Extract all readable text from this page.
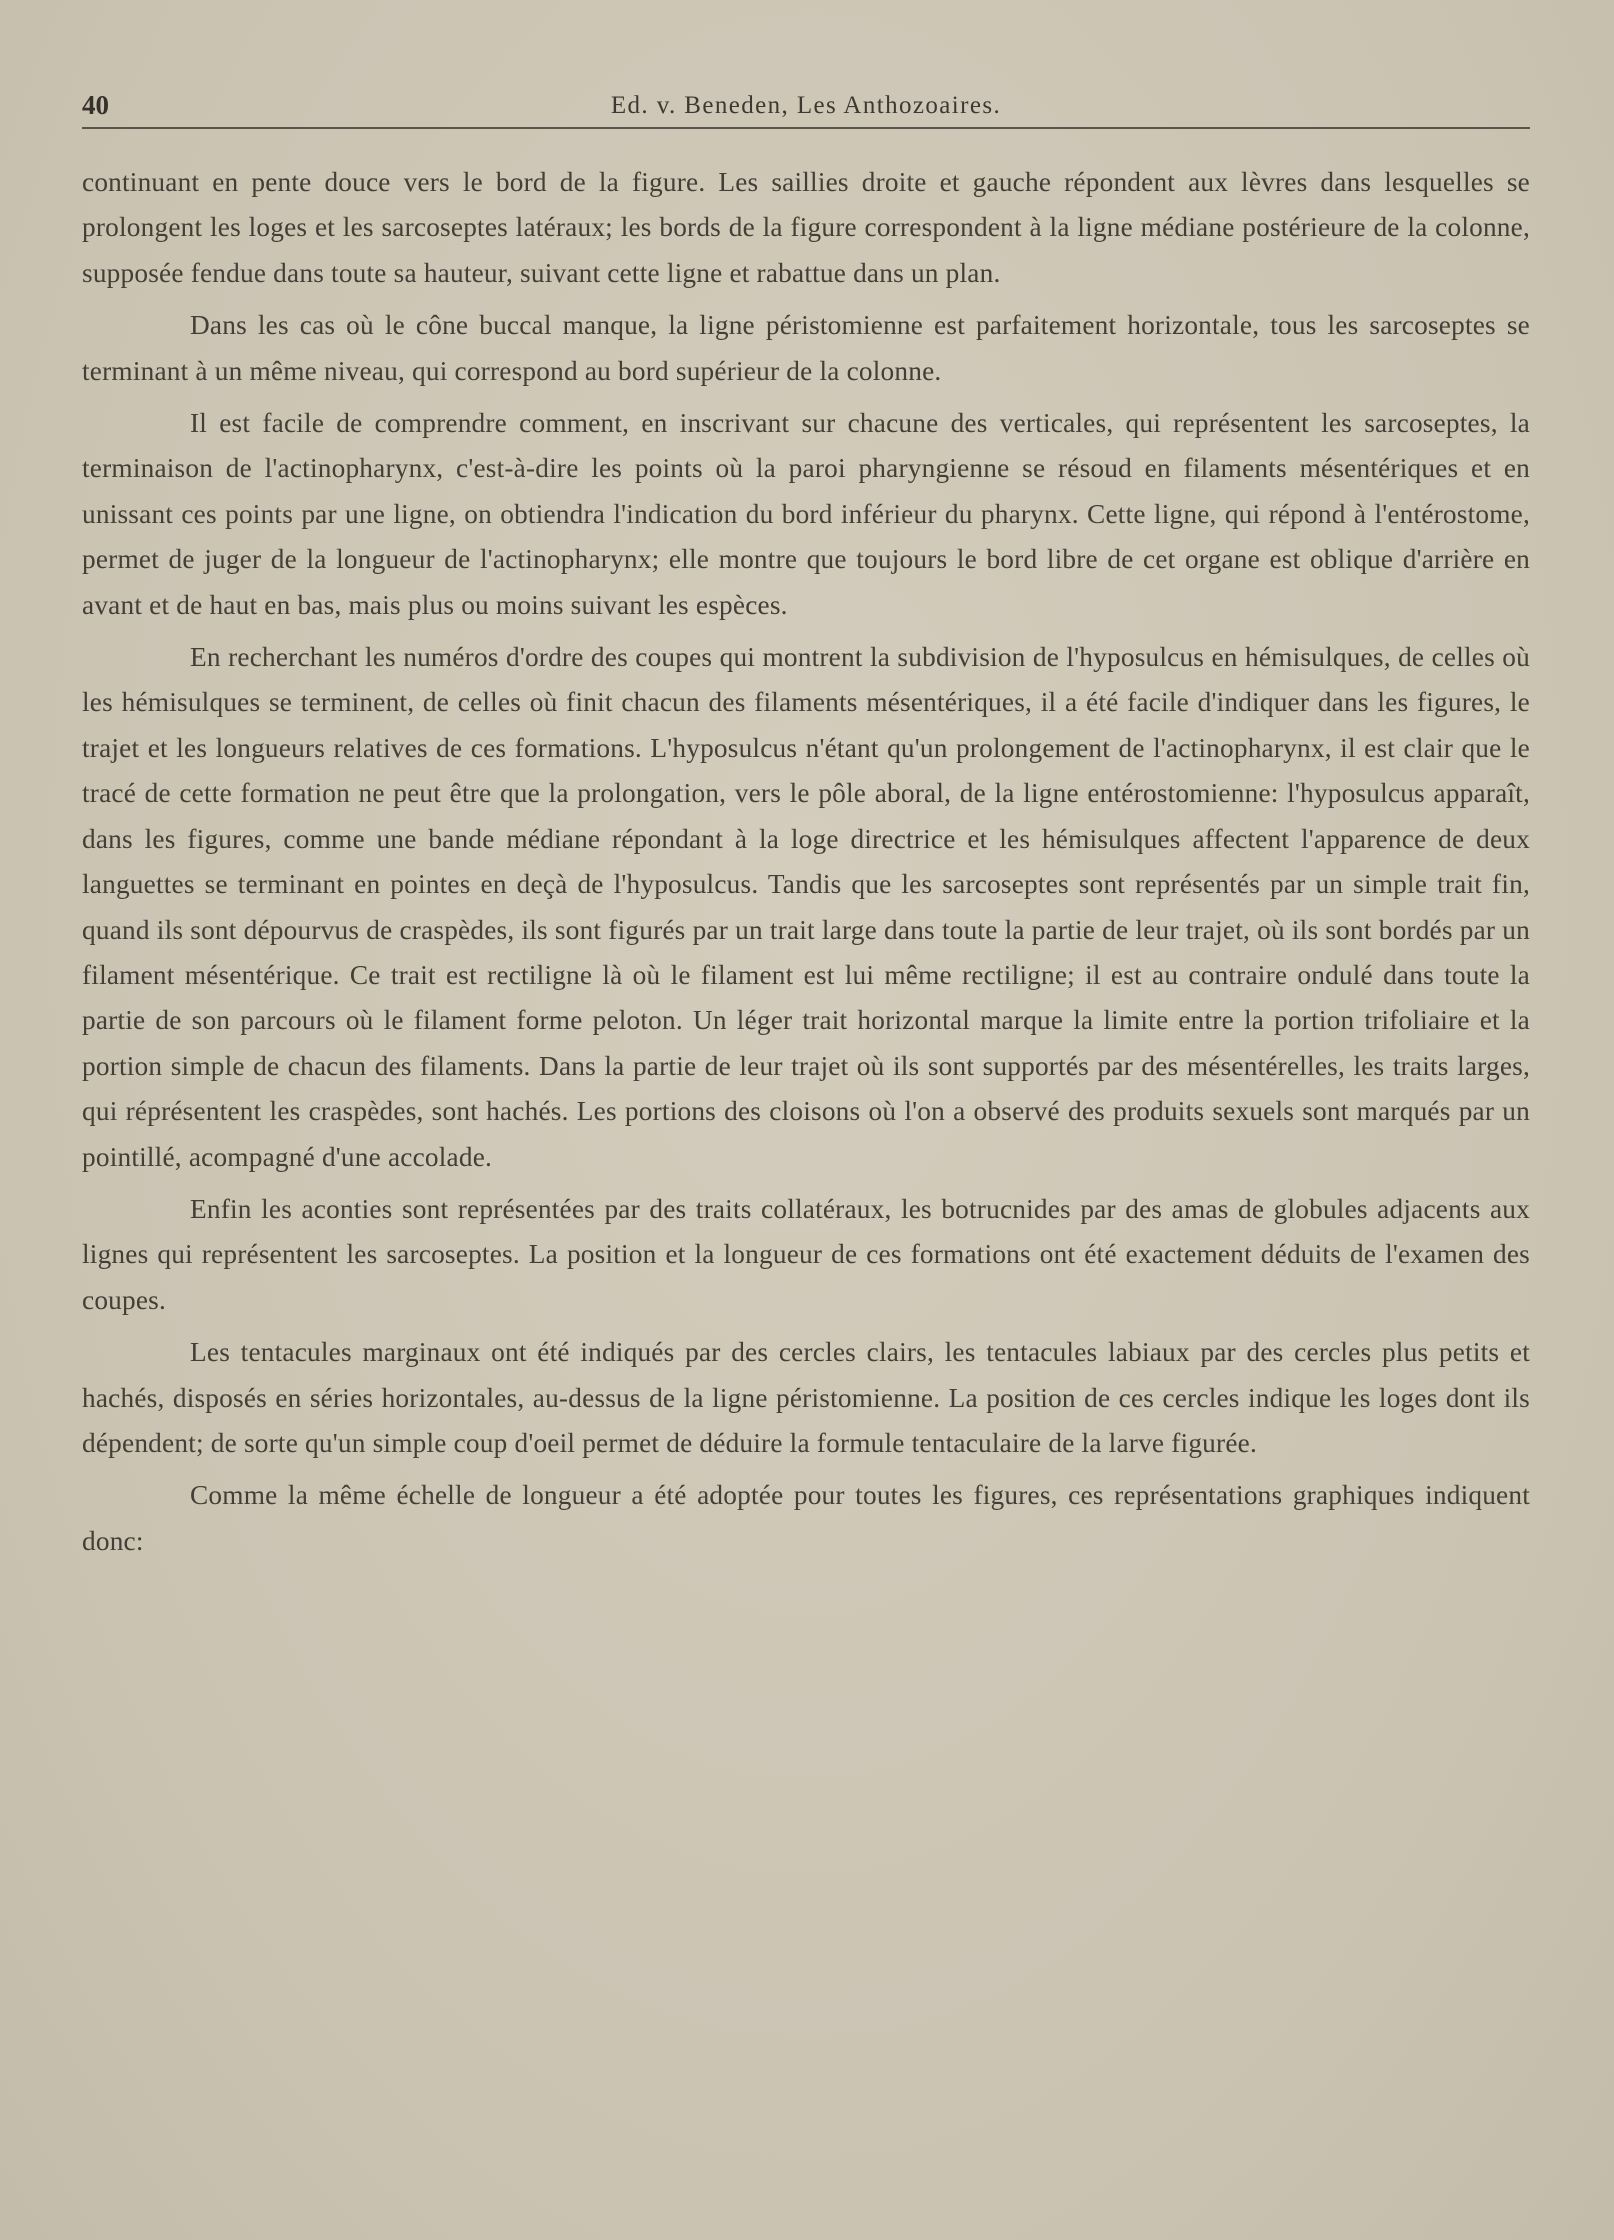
40	Ed. v. Beneden, Les Anthozoaires.

continuant en pente douce vers le bord de la figure. Les saillies droite et gauche répondent aux lèvres dans lesquelles se prolongent les loges et les sarcoseptes latéraux; les bords de la figure correspondent à la ligne médiane postérieure de la colonne, supposée fendue dans toute sa hauteur, suivant cette ligne et rabattue dans un plan.

Dans les cas où le cône buccal manque, la ligne péristomienne est parfaitement horizontale, tous les sarcoseptes se terminant à un même niveau, qui correspond au bord supérieur de la colonne.

Il est facile de comprendre comment, en inscrivant sur chacune des verticales, qui représentent les sarcoseptes, la terminaison de l'actinopharynx, c'est-à-dire les points où la paroi pharyngienne se résoud en filaments mésentériques et en unissant ces points par une ligne, on obtiendra l'indication du bord inférieur du pharynx. Cette ligne, qui répond à l'entérostome, permet de juger de la longueur de l'actinopharynx; elle montre que toujours le bord libre de cet organe est oblique d'arrière en avant et de haut en bas, mais plus ou moins suivant les espèces.

En recherchant les numéros d'ordre des coupes qui montrent la subdivision de l'hyposulcus en hémisulques, de celles où les hémisulques se terminent, de celles où finit chacun des filaments mésentériques, il a été facile d'indiquer dans les figures, le trajet et les longueurs relatives de ces formations. L'hyposulcus n'étant qu'un prolongement de l'actinopharynx, il est clair que le tracé de cette formation ne peut être que la prolongation, vers le pôle aboral, de la ligne entérostomienne: l'hyposulcus apparaît, dans les figures, comme une bande médiane répondant à la loge directrice et les hémisulques affectent l'apparence de deux languettes se terminant en pointes en deçà de l'hyposulcus. Tandis que les sarcoseptes sont représentés par un simple trait fin, quand ils sont dépourvus de craspèdes, ils sont figurés par un trait large dans toute la partie de leur trajet, où ils sont bordés par un filament mésentérique. Ce trait est rectiligne là où le filament est lui même rectiligne; il est au contraire ondulé dans toute la partie de son parcours où le filament forme peloton. Un léger trait horizontal marque la limite entre la portion trifoliaire et la portion simple de chacun des filaments. Dans la partie de leur trajet où ils sont supportés par des mésentérelles, les traits larges, qui réprésentent les craspèdes, sont hachés. Les portions des cloisons où l'on a observé des produits sexuels sont marqués par un pointillé, acompagné d'une accolade.

Enfin les aconties sont représentées par des traits collatéraux, les botrucnides par des amas de globules adjacents aux lignes qui représentent les sarcoseptes. La position et la longueur de ces formations ont été exactement déduits de l'examen des coupes.

Les tentacules marginaux ont été indiqués par des cercles clairs, les tentacules labiaux par des cercles plus petits et hachés, disposés en séries horizontales, au-dessus de la ligne péristomienne. La position de ces cercles indique les loges dont ils dépendent; de sorte qu'un simple coup d'oeil permet de déduire la formule tentaculaire de la larve figurée.

Comme la même échelle de longueur a été adoptée pour toutes les figures, ces représentations graphiques indiquent donc:
